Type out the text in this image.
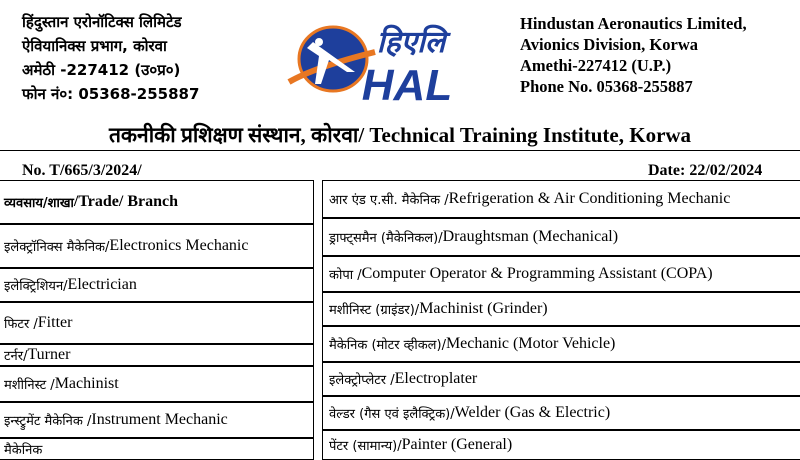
हिंदुस्तान एरोनॉटिक्स लिमिटेड
ऐवियानिक्स प्रभाग, कोरवा
अमेठी -227412 (उ०प्र०)
फोन नं०: 05368-255887
हिएलि
HAL
Hindustan Aeronautics Limited,
Avionics Division, Korwa
Amethi-227412 (U.P.)
Phone No. 05368-255887
तकनीकी प्रशिक्षण संस्थान, कोरवा/ Technical Training Institute, Korwa
No. T/665/3/2024/	Date: 22/02/2024
व्यवसाय/शाखा /Trade/ Branch
इलेक्ट्रॉनिक्स मैकेनिक/ Electronics Mechanic
इलेक्ट्रिशियन/ Electrician
फिटर / Fitter
टर्नर/ Turner
मशीनिस्ट / Machinist
इन्स्ट्रुमेंट मैकेनिक / Instrument Mechanic
मैकेनिक
आर एंड ए.सी. मैकेनिक / Refrigeration & Air Conditioning Mechanic
ड्राफ्ट्समैन (मैकेनिकल)/ Draughtsman (Mechanical)
कोपा / Computer Operator & Programming Assistant (COPA)
मशीनिस्ट (ग्राइंडर)/ Machinist (Grinder)
मैकेनिक (मोटर व्हीकल)/ Mechanic (Motor Vehicle)
इलेक्ट्रोप्लेटर / Electroplater
वेल्डर (गैस एवं इलैक्ट्रिक)/ Welder (Gas & Electric)
पेंटर (सामान्य)/ Painter (General)
